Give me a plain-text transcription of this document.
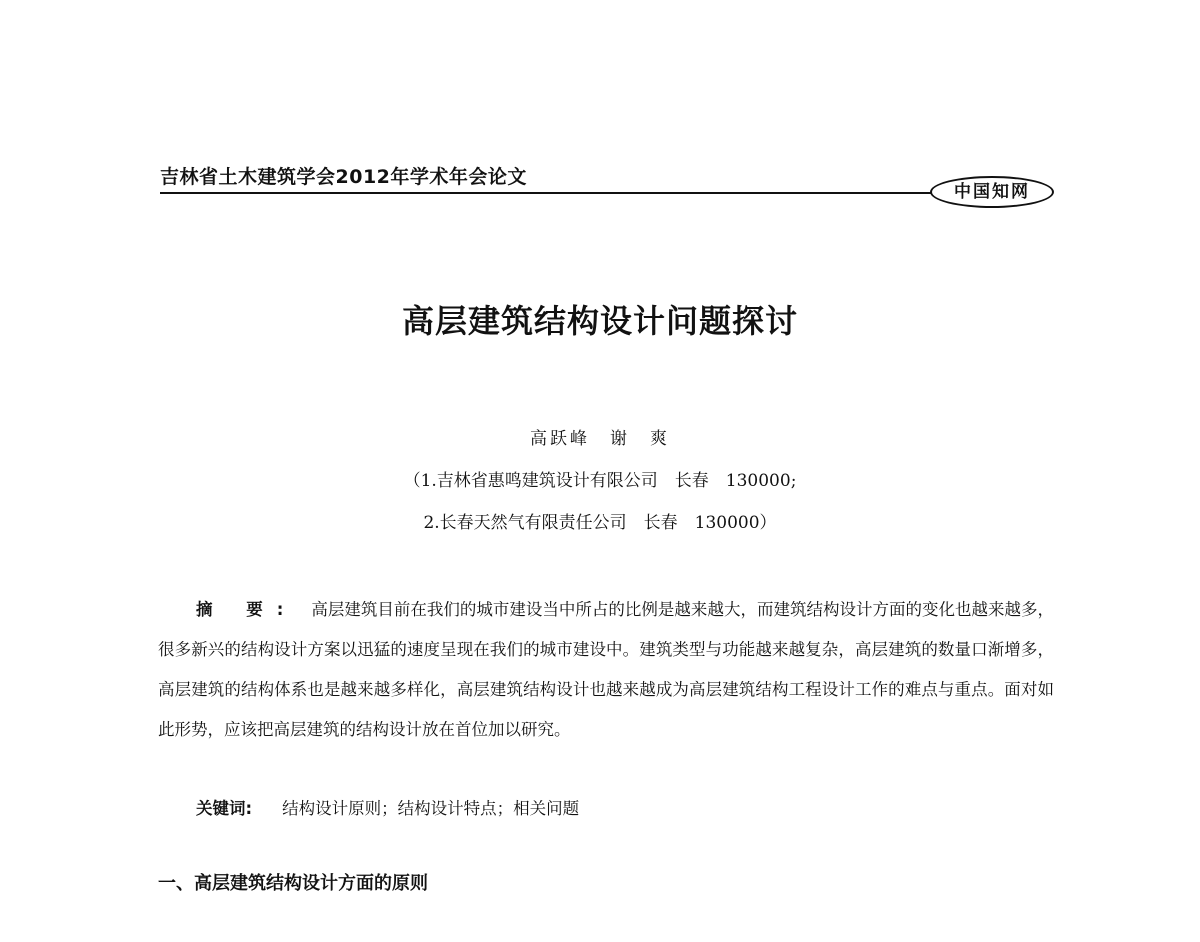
吉林省土木建筑学会2012年学术年会论文
中国知网
高层建筑结构设计问题探讨
高跃峰　谢　爽
（1.吉林省惠鸣建筑设计有限公司　长春　130000;
2.长春天然气有限责任公司　长春　130000）

摘 要: 高层建筑目前在我们的城市建设当中所占的比例是越来越大，而建筑结构设计方面的变化也越来越多，很多新兴的结构设计方案以迅猛的速度呈现在我们的城市建设中。建筑类型与功能越来越复杂，高层建筑的数量口渐增多，高层建筑的结构体系也是越来越多样化，高层建筑结构设计也越来越成为高层建筑结构工程设计工作的难点与重点。面对如此形势，应该把高层建筑的结构设计放在首位加以研究。

关键词: 结构设计原则；结构设计特点；相关问题
一、高层建筑结构设计方面的原则
